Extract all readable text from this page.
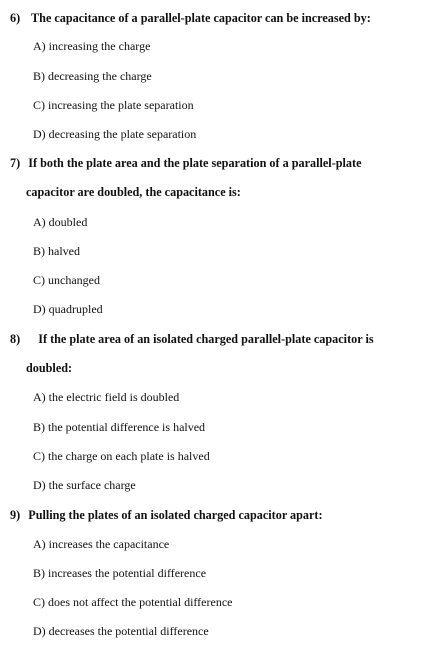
6) The capacitance of a parallel-plate capacitor can be increased by:
A) increasing the charge
B) decreasing the charge
C) increasing the plate separation
D) decreasing the plate separation
7) If both the plate area and the plate separation of a parallel-plate
capacitor are doubled, the capacitance is:
A) doubled
B) halved
C) unchanged
D) quadrupled
8) If the plate area of an isolated charged parallel-plate capacitor is
doubled:
A) the electric field is doubled
B) the potential difference is halved
C) the charge on each plate is halved
D) the surface charge
9) Pulling the plates of an isolated charged capacitor apart:
A) increases the capacitance
B) increases the potential difference
C) does not affect the potential difference
D) decreases the potential difference
